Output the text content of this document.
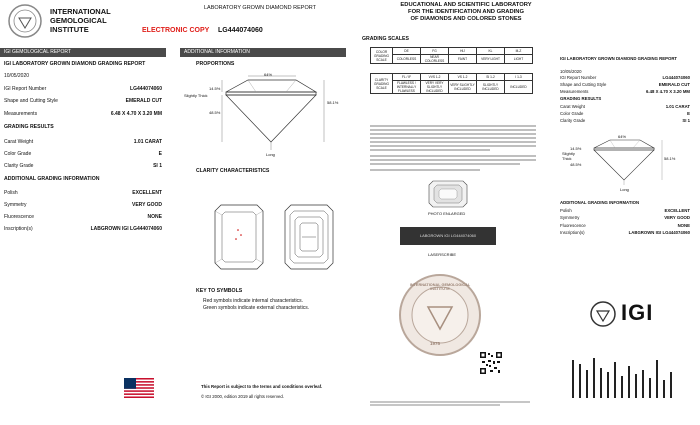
INTERNATIONAL
GEMOLOGICAL
INSTITUTE
IGI GEMOLOGICAL REPORT
IGI LABORATORY GROWN DIAMOND GRADING REPORT
10/05/2020
IGI Report Number	LG444074060
Shape and Cutting Style	EMERALD CUT
Measurements	6.48 X 4.70 X 3.20 MM
GRADING RESULTS
Carat Weight	1.01 CARAT
Color Grade	E
Clarity Grade	SI 1
ADDITIONAL GRADING INFORMATION
Polish	EXCELLENT
Symmetry	VERY GOOD
Fluorescence	NONE
Inscription(s)	LABGROWN IGI LG444074060
LABORATORY GROWN DIAMOND REPORT
ELECTRONIC COPY LG444074060
ADDITIONAL INFORMATION
PROPORTIONS
64%
14.5%
Slightly Thick
48.5%
58.1%
Long
CLARITY CHARACTERISTICS
KEY TO SYMBOLS
Red symbols indicate internal characteristics.
Green symbols indicate external characteristics.
This Report is subject to the terms and conditions overleaf.
© IGI 2000, edition 2019 all rights reserved.
EDUCATIONAL AND SCIENTIFIC LABORATORY
FOR THE IDENTIFICATION AND GRADING
OF DIAMONDS AND COLORED STONES
GRADING SCALES
COLOR GRADING SCALE	DE	FG	HIJ	KL	M-Z
	COLORLESS	NEAR COLORLESS	FAINT	VERY LIGHT	LIGHT
CLARITY GRADING SCALE	FL / IF	VVS 1-2	VS 1-2	SI 1-2	I 1-3
	FLAWLESS / INTERNALLY FLAWLESS	VERY VERY SLIGHTLY INCLUDED	VERY SLIGHTLY INCLUDED	SLIGHTLY INCLUDED	INCLUDED
PHOTO ENLARGED
LABGROWN IGI LG444074060
LASERSCRIBE
INTERNATIONAL GEMOLOGICAL INSTITUTE
1975
IGI LABORATORY GROWN DIAMOND GRADING REPORT
10/05/2020
IGI Report Number	LG444074060
Shape and Cutting Style	EMERALD CUT
Measurements	6.48 X 4.70 X 3.20 MM
GRADING RESULTS
Carat Weight	1.01 CARAT
Color Grade	E
Clarity Grade	SI 1
64%
14.5%
Slightly Thick
48.5%
58.1%
Long
ADDITIONAL GRADING INFORMATION
Polish	EXCELLENT
Symmetry	VERY GOOD
Fluorescence	NONE
Inscription(s)	LABGROWN IGI LG444074060
IGI
